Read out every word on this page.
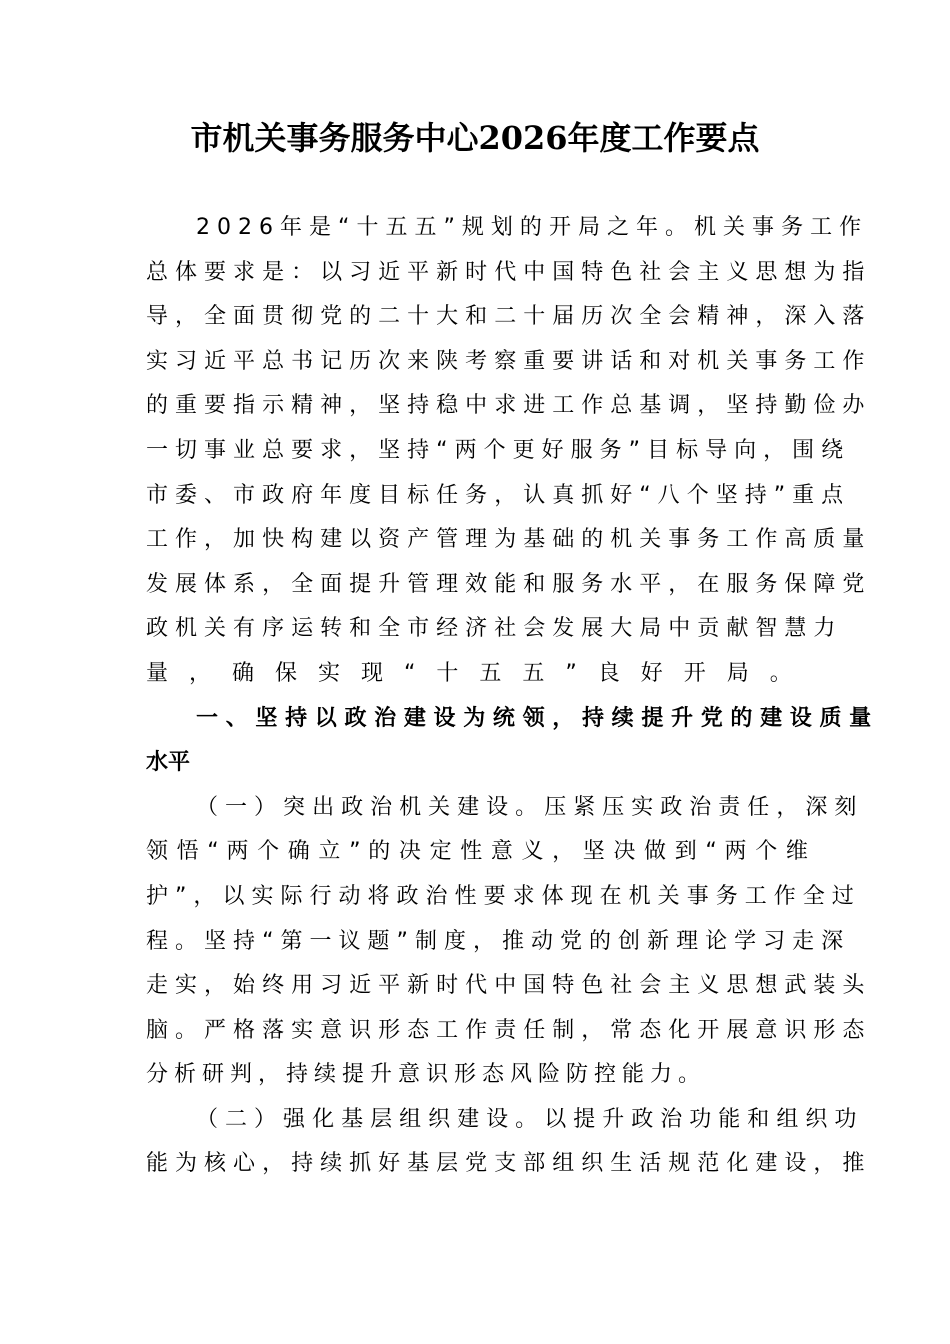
市机关事务服务中心2026年度工作要点
2 0 2 6 年 是 “ 十 五 五 ” 规 划 的 开 局 之 年 。 机 关 事 务 工 作
总 体 要 求 是 ： 以 习 近 平 新 时 代 中 国 特 色 社 会 主 义 思 想 为 指
导 ， 全 面 贯 彻 党 的 二 十 大 和 二 十 届 历 次 全 会 精 神 ， 深 入 落
实 习 近 平 总 书 记 历 次 来 陕 考 察 重 要 讲 话 和 对 机 关 事 务 工 作
的 重 要 指 示 精 神 ， 坚 持 稳 中 求 进 工 作 总 基 调 ， 坚 持 勤 俭 办
一 切 事 业 总 要 求 ， 坚 持 “ 两 个 更 好 服 务 ” 目 标 导 向 ， 围 绕
市 委 、 市 政 府 年 度 目 标 任 务 ， 认 真 抓 好 “ 八 个 坚 持 ” 重 点
工 作 ， 加 快 构 建 以 资 产 管 理 为 基 础 的 机 关 事 务 工 作 高 质 量
发 展 体 系 ， 全 面 提 升 管 理 效 能 和 服 务 水 平 ， 在 服 务 保 障 党
政 机 关 有 序 运 转 和 全 市 经 济 社 会 发 展 大 局 中 贡 献 智 慧 力
量，确保实现“十五五”良好开局。
一 、 坚 持 以 政 治 建 设 为 统 领 ， 持 续 提 升 党 的 建 设 质 量
水平
（ 一 ） 突 出 政 治 机 关 建 设 。 压 紧 压 实 政 治 责 任 ， 深 刻
领 悟 “ 两 个 确 立 ” 的 决 定 性 意 义 ， 坚 决 做 到 “ 两 个 维
护 ” ， 以 实 际 行 动 将 政 治 性 要 求 体 现 在 机 关 事 务 工 作 全 过
程 。 坚 持 “ 第 一 议 题 ” 制 度 ， 推 动 党 的 创 新 理 论 学 习 走 深
走 实 ， 始 终 用 习 近 平 新 时 代 中 国 特 色 社 会 主 义 思 想 武 装 头
脑 。 严 格 落 实 意 识 形 态 工 作 责 任 制 ， 常 态 化 开 展 意 识 形 态
分析研判，持续提升意识形态风险防控能力。
（ 二 ） 强 化 基 层 组 织 建 设 。 以 提 升 政 治 功 能 和 组 织 功
能 为 核 心 ， 持 续 抓 好 基 层 党 支 部 组 织 生 活 规 范 化 建 设 ， 推
